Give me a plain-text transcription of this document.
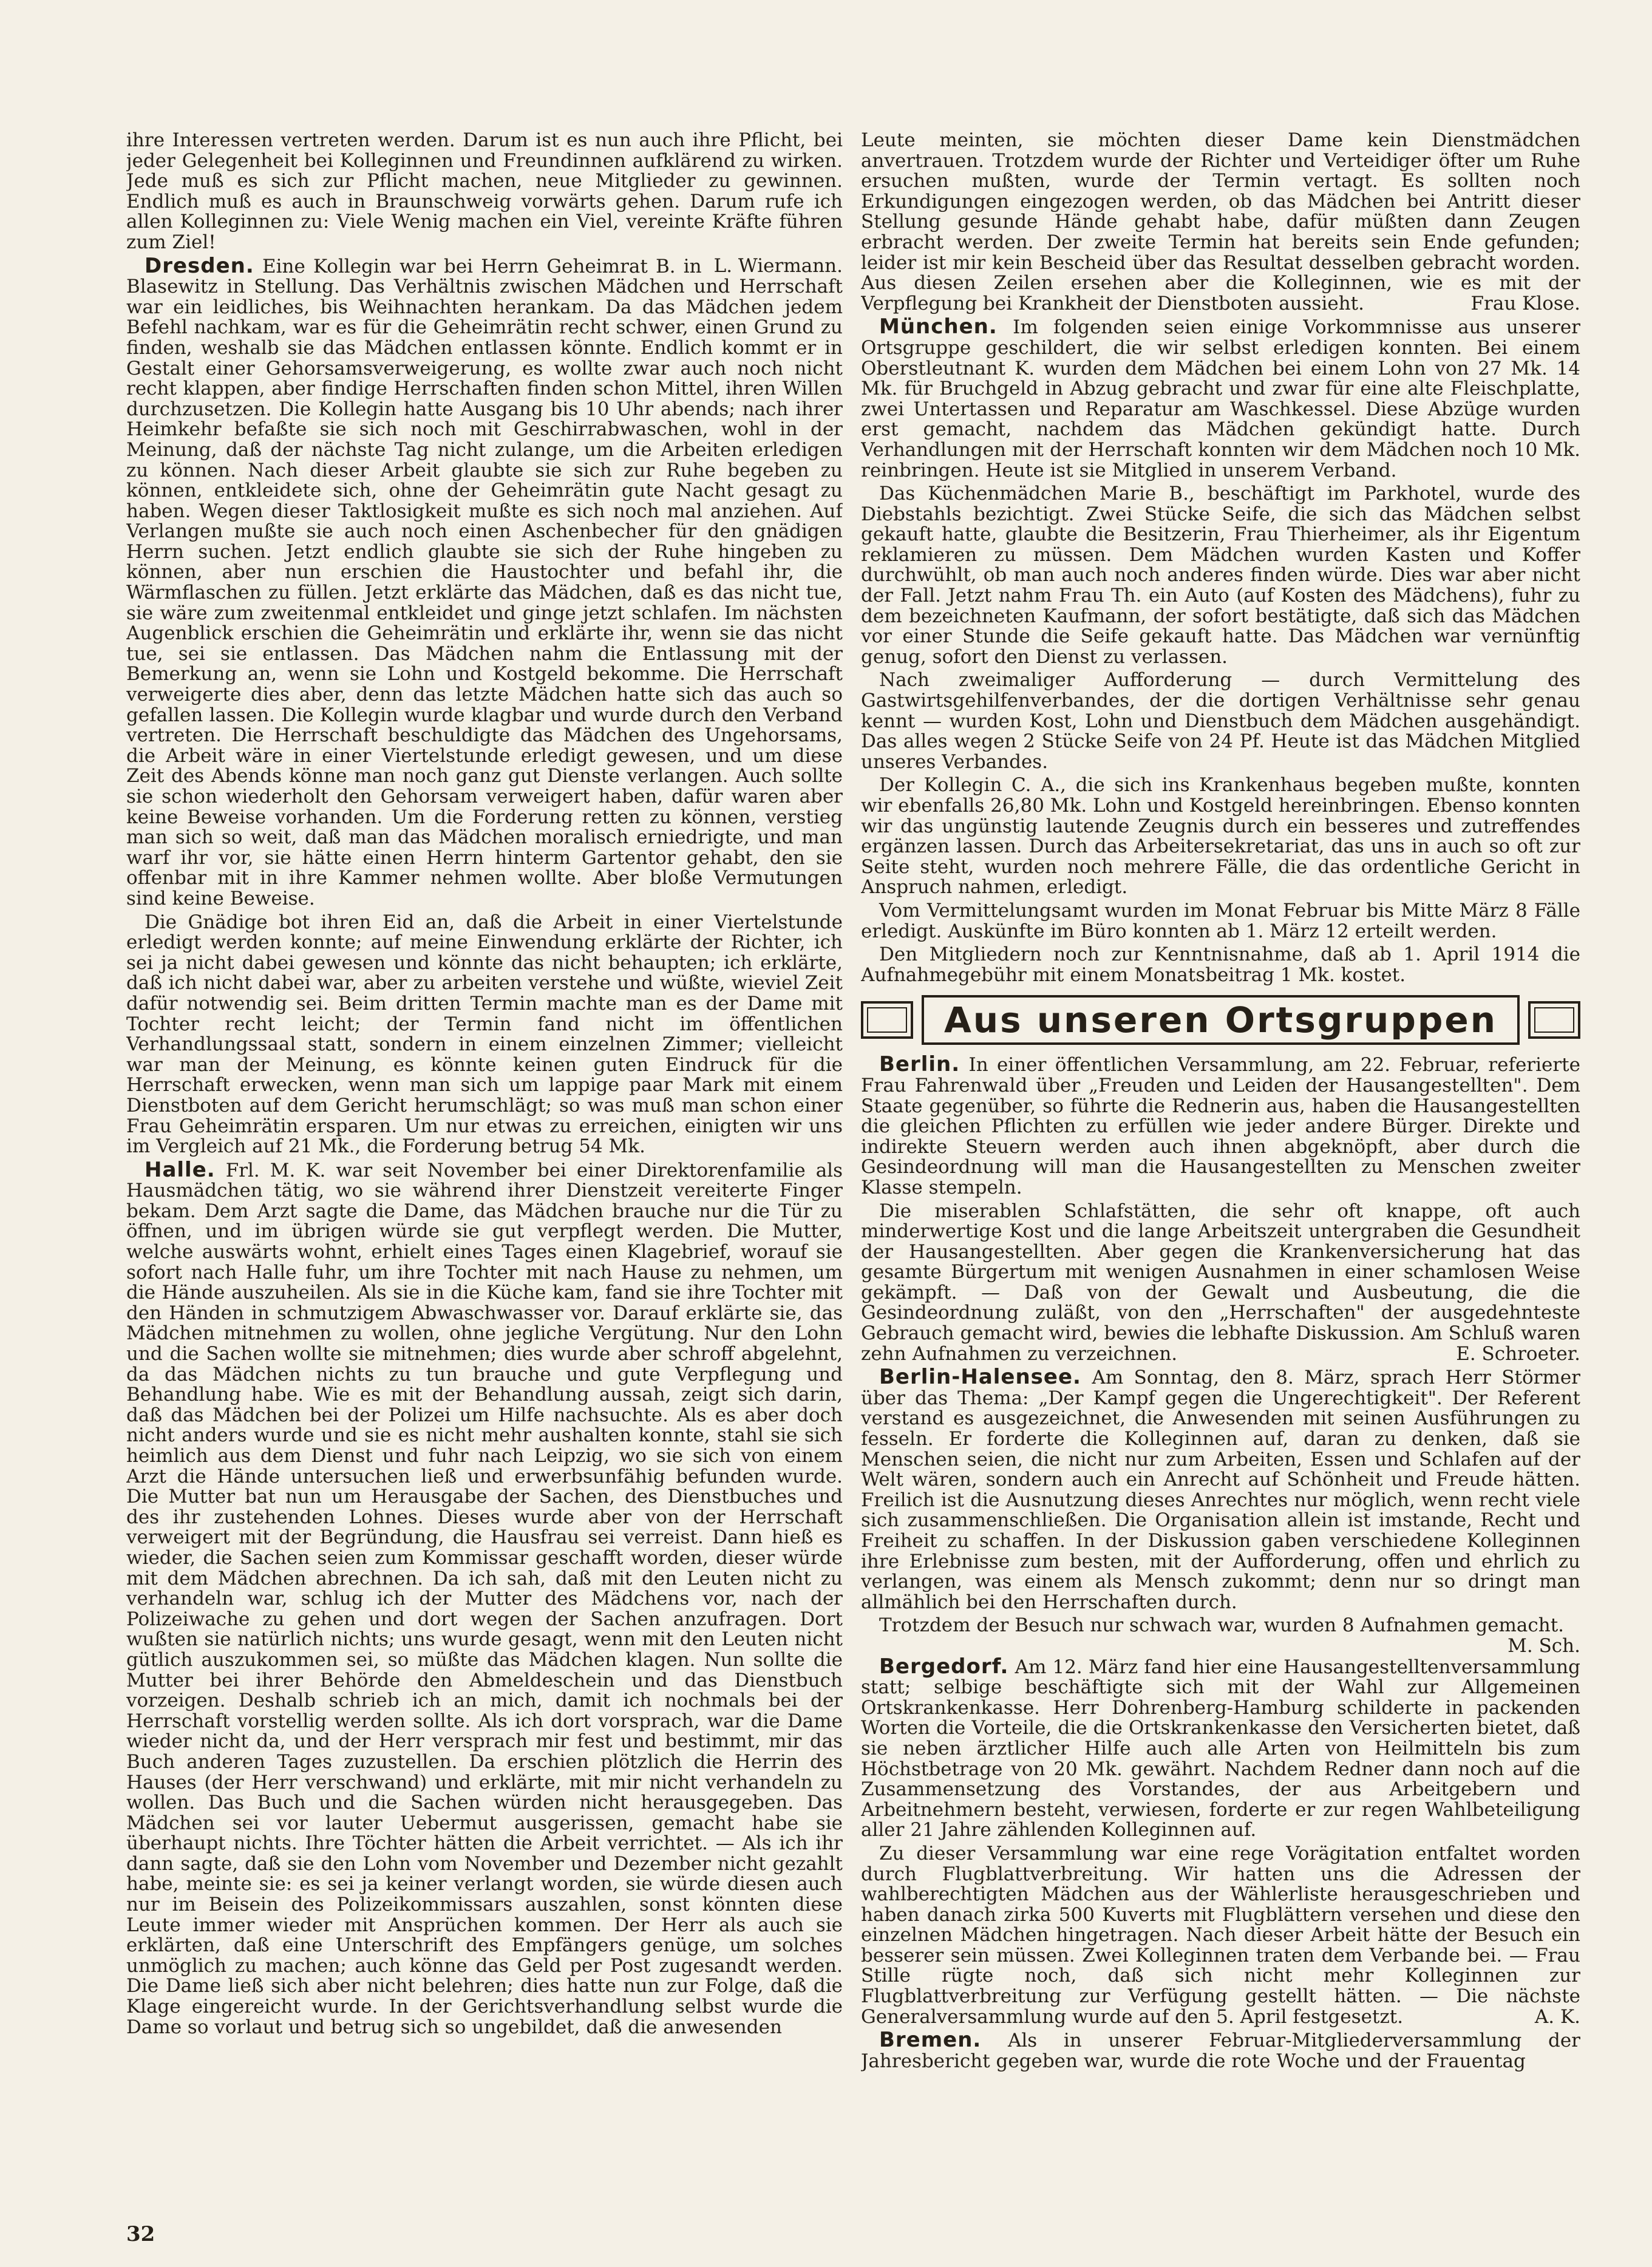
ihre Interessen vertreten werden. Darum ist es nun auch ihre Pflicht, bei jeder Gelegenheit bei Kolleginnen und Freundinnen aufklärend zu wirken. Jede muß es sich zur Pflicht machen, neue Mitglieder zu gewinnen. Endlich muß es auch in Braunschweig vorwärts gehen. Darum rufe ich allen Kolleginnen zu: Viele Wenig machen ein Viel, vereinte Kräfte führen zum Ziel!

L. Wiermann.

Dresden. Eine Kollegin war bei Herrn Geheimrat B. in Blasewitz in Stellung. Das Verhältnis zwischen Mädchen und Herrschaft war ein leidliches, bis Weihnachten herankam. Da das Mädchen jedem Befehl nachkam, war es für die Geheimrätin recht schwer, einen Grund zu finden, weshalb sie das Mädchen entlassen könnte. Endlich kommt er in Gestalt einer Gehorsamsverweigerung, es wollte zwar auch noch nicht recht klappen, aber findige Herrschaften finden schon Mittel, ihren Willen durchzusetzen. Die Kollegin hatte Ausgang bis 10 Uhr abends; nach ihrer Heimkehr befaßte sie sich noch mit Geschirrabwaschen, wohl in der Meinung, daß der nächste Tag nicht zulange, um die Arbeiten erledigen zu können. Nach dieser Arbeit glaubte sie sich zur Ruhe begeben zu können, entkleidete sich, ohne der Geheimrätin gute Nacht gesagt zu haben. Wegen dieser Taktlosigkeit mußte es sich noch mal anziehen. Auf Verlangen mußte sie auch noch einen Aschenbecher für den gnädigen Herrn suchen. Jetzt endlich glaubte sie sich der Ruhe hingeben zu können, aber nun erschien die Haustochter und befahl ihr, die Wärmflaschen zu füllen. Jetzt erklärte das Mädchen, daß es das nicht tue, sie wäre zum zweitenmal entkleidet und ginge jetzt schlafen. Im nächsten Augenblick erschien die Geheimrätin und erklärte ihr, wenn sie das nicht tue, sei sie entlassen. Das Mädchen nahm die Entlassung mit der Bemerkung an, wenn sie Lohn und Kostgeld bekomme. Die Herrschaft verweigerte dies aber, denn das letzte Mädchen hatte sich das auch so gefallen lassen. Die Kollegin wurde klagbar und wurde durch den Verband vertreten. Die Herrschaft beschuldigte das Mädchen des Ungehorsams, die Arbeit wäre in einer Viertelstunde erledigt gewesen, und um diese Zeit des Abends könne man noch ganz gut Dienste verlangen. Auch sollte sie schon wiederholt den Gehorsam verweigert haben, dafür waren aber keine Beweise vorhanden. Um die Forderung retten zu können, verstieg man sich so weit, daß man das Mädchen moralisch erniedrigte, und man warf ihr vor, sie hätte einen Herrn hinterm Gartentor gehabt, den sie offenbar mit in ihre Kammer nehmen wollte. Aber bloße Vermutungen sind keine Beweise.

Die Gnädige bot ihren Eid an, daß die Arbeit in einer Viertelstunde erledigt werden konnte; auf meine Einwendung erklärte der Richter, ich sei ja nicht dabei gewesen und könnte das nicht behaupten; ich erklärte, daß ich nicht dabei war, aber zu arbeiten verstehe und wüßte, wieviel Zeit dafür notwendig sei. Beim dritten Termin machte man es der Dame mit Tochter recht leicht; der Termin fand nicht im öffentlichen Verhandlungssaal statt, sondern in einem einzelnen Zimmer; vielleicht war man der Meinung, es könnte keinen guten Eindruck für die Herrschaft erwecken, wenn man sich um lappige paar Mark mit einem Dienstboten auf dem Gericht herumschlägt; so was muß man schon einer Frau Geheimrätin ersparen. Um nur etwas zu erreichen, einigten wir uns im Vergleich auf 21 Mk., die Forderung betrug 54 Mk.

Halle. Frl. M. K. war seit November bei einer Direktorenfamilie als Hausmädchen tätig, wo sie während ihrer Dienstzeit vereiterte Finger bekam. Dem Arzt sagte die Dame, das Mädchen brauche nur die Tür zu öffnen, und im übrigen würde sie gut verpflegt werden. Die Mutter, welche auswärts wohnt, erhielt eines Tages einen Klagebrief, worauf sie sofort nach Halle fuhr, um ihre Tochter mit nach Hause zu nehmen, um die Hände auszuheilen. Als sie in die Küche kam, fand sie ihre Tochter mit den Händen in schmutzigem Abwaschwasser vor. Darauf erklärte sie, das Mädchen mitnehmen zu wollen, ohne jegliche Vergütung. Nur den Lohn und die Sachen wollte sie mitnehmen; dies wurde aber schroff abgelehnt, da das Mädchen nichts zu tun brauche und gute Verpflegung und Behandlung habe. Wie es mit der Behandlung aussah, zeigt sich darin, daß das Mädchen bei der Polizei um Hilfe nachsuchte. Als es aber doch nicht anders wurde und sie es nicht mehr aushalten konnte, stahl sie sich heimlich aus dem Dienst und fuhr nach Leipzig, wo sie sich von einem Arzt die Hände untersuchen ließ und erwerbsunfähig befunden wurde. Die Mutter bat nun um Herausgabe der Sachen, des Dienstbuches und des ihr zustehenden Lohnes. Dieses wurde aber von der Herrschaft verweigert mit der Begründung, die Hausfrau sei verreist. Dann hieß es wieder, die Sachen seien zum Kommissar geschafft worden, dieser würde mit dem Mädchen abrechnen. Da ich sah, daß mit den Leuten nicht zu verhandeln war, schlug ich der Mutter des Mädchens vor, nach der Polizeiwache zu gehen und dort wegen der Sachen anzufragen. Dort wußten sie natürlich nichts; uns wurde gesagt, wenn mit den Leuten nicht gütlich auszukommen sei, so müßte das Mädchen klagen. Nun sollte die Mutter bei ihrer Behörde den Abmeldeschein und das Dienstbuch vorzeigen. Deshalb schrieb ich an mich, damit ich nochmals bei der Herrschaft vorstellig werden sollte. Als ich dort vorsprach, war die Dame wieder nicht da, und der Herr versprach mir fest und bestimmt, mir das Buch anderen Tages zuzustellen. Da erschien plötzlich die Herrin des Hauses (der Herr verschwand) und erklärte, mit mir nicht verhandeln zu wollen. Das Buch und die Sachen würden nicht herausgegeben. Das Mädchen sei vor lauter Uebermut ausgerissen, gemacht habe sie überhaupt nichts. Ihre Töchter hätten die Arbeit verrichtet. — Als ich ihr dann sagte, daß sie den Lohn vom November und Dezember nicht gezahlt habe, meinte sie: es sei ja keiner verlangt worden, sie würde diesen auch nur im Beisein des Polizeikommissars auszahlen, sonst könnten diese Leute immer wieder mit Ansprüchen kommen. Der Herr als auch sie erklärten, daß eine Unterschrift des Empfängers genüge, um solches unmöglich zu machen; auch könne das Geld per Post zugesandt werden. Die Dame ließ sich aber nicht belehren; dies hatte nun zur Folge, daß die Klage eingereicht wurde. In der Gerichtsverhandlung selbst wurde die Dame so vorlaut und betrug sich so ungebildet, daß die anwesenden

Leute meinten, sie möchten dieser Dame kein Dienstmädchen anvertrauen. Trotzdem wurde der Richter und Verteidiger öfter um Ruhe ersuchen mußten, wurde der Termin vertagt. Es sollten noch Erkundigungen eingezogen werden, ob das Mädchen bei Antritt dieser Stellung gesunde Hände gehabt habe, dafür müßten dann Zeugen erbracht werden. Der zweite Termin hat bereits sein Ende gefunden; leider ist mir kein Bescheid über das Resultat desselben gebracht worden. Aus diesen Zeilen ersehen aber die Kolleginnen, wie es mit der Verpflegung bei Krankheit der Dienstboten aussieht.	Frau Klose.

München. Im folgenden seien einige Vorkommnisse aus unserer Ortsgruppe geschildert, die wir selbst erledigen konnten. Bei einem Oberstleutnant K. wurden dem Mädchen bei einem Lohn von 27 Mk. 14 Mk. für Bruchgeld in Abzug gebracht und zwar für eine alte Fleischplatte, zwei Untertassen und Reparatur am Waschkessel. Diese Abzüge wurden erst gemacht, nachdem das Mädchen gekündigt hatte. Durch Verhandlungen mit der Herrschaft konnten wir dem Mädchen noch 10 Mk. reinbringen. Heute ist sie Mitglied in unserem Verband.

Das Küchenmädchen Marie B., beschäftigt im Parkhotel, wurde des Diebstahls bezichtigt. Zwei Stücke Seife, die sich das Mädchen selbst gekauft hatte, glaubte die Besitzerin, Frau Thierheimer, als ihr Eigentum reklamieren zu müssen. Dem Mädchen wurden Kasten und Koffer durchwühlt, ob man auch noch anderes finden würde. Dies war aber nicht der Fall. Jetzt nahm Frau Th. ein Auto (auf Kosten des Mädchens), fuhr zu dem bezeichneten Kaufmann, der sofort bestätigte, daß sich das Mädchen vor einer Stunde die Seife gekauft hatte. Das Mädchen war vernünftig genug, sofort den Dienst zu verlassen.

Nach zweimaliger Aufforderung — durch Vermittelung des Gastwirtsgehilfenverbandes, der die dortigen Verhältnisse sehr genau kennt — wurden Kost, Lohn und Dienstbuch dem Mädchen ausgehändigt. Das alles wegen 2 Stücke Seife von 24 Pf. Heute ist das Mädchen Mitglied unseres Verbandes.

Der Kollegin C. A., die sich ins Krankenhaus begeben mußte, konnten wir ebenfalls 26,80 Mk. Lohn und Kostgeld hereinbringen. Ebenso konnten wir das ungünstig lautende Zeugnis durch ein besseres und zutreffendes ergänzen lassen. Durch das Arbeitersekretariat, das uns in auch so oft zur Seite steht, wurden noch mehrere Fälle, die das ordentliche Gericht in Anspruch nahmen, erledigt.

Vom Vermittelungsamt wurden im Monat Februar bis Mitte März 8 Fälle erledigt. Auskünfte im Büro konnten ab 1. März 12 erteilt werden.

Den Mitgliedern noch zur Kenntnisnahme, daß ab 1. April 1914 die Aufnahmegebühr mit einem Monatsbeitrag 1 Mk. kostet.

Aus unseren Ortsgruppen

Berlin. In einer öffentlichen Versammlung, am 22. Februar, referierte Frau Fahrenwald über „Freuden und Leiden der Hausangestellten". Dem Staate gegenüber, so führte die Rednerin aus, haben die Hausangestellten die gleichen Pflichten zu erfüllen wie jeder andere Bürger. Direkte und indirekte Steuern werden auch ihnen abgeknöpft, aber durch die Gesindeordnung will man die Hausangestellten zu Menschen zweiter Klasse stempeln.

Die miserablen Schlafstätten, die sehr oft knappe, oft auch minderwertige Kost und die lange Arbeitszeit untergraben die Gesundheit der Hausangestellten. Aber gegen die Krankenversicherung hat das gesamte Bürgertum mit wenigen Ausnahmen in einer schamlosen Weise gekämpft. — Daß von der Gewalt und Ausbeutung, die die Gesindeordnung zuläßt, von den „Herrschaften" der ausgedehnteste Gebrauch gemacht wird, bewies die lebhafte Diskussion. Am Schluß waren zehn Aufnahmen zu verzeichnen.	E. Schroeter.

Berlin-Halensee. Am Sonntag, den 8. März, sprach Herr Störmer über das Thema: „Der Kampf gegen die Ungerechtigkeit". Der Referent verstand es ausgezeichnet, die Anwesenden mit seinen Ausführungen zu fesseln. Er forderte die Kolleginnen auf, daran zu denken, daß sie Menschen seien, die nicht nur zum Arbeiten, Essen und Schlafen auf der Welt wären, sondern auch ein Anrecht auf Schönheit und Freude hätten. Freilich ist die Ausnutzung dieses Anrechtes nur möglich, wenn recht viele sich zusammenschließen. Die Organisation allein ist imstande, Recht und Freiheit zu schaffen. In der Diskussion gaben verschiedene Kolleginnen ihre Erlebnisse zum besten, mit der Aufforderung, offen und ehrlich zu verlangen, was einem als Mensch zukommt; denn nur so dringt man allmählich bei den Herrschaften durch.

Trotzdem der Besuch nur schwach war, wurden 8 Aufnahmen gemacht.
M. Sch.

Bergedorf. Am 12. März fand hier eine Hausangestelltenversammlung statt; selbige beschäftigte sich mit der Wahl zur Allgemeinen Ortskrankenkasse. Herr Dohrenberg-Hamburg schilderte in packenden Worten die Vorteile, die die Ortskrankenkasse den Versicherten bietet, daß sie neben ärztlicher Hilfe auch alle Arten von Heilmitteln bis zum Höchstbetrage von 20 Mk. gewährt. Nachdem Redner dann noch auf die Zusammensetzung des Vorstandes, der aus Arbeitgebern und Arbeitnehmern besteht, verwiesen, forderte er zur regen Wahlbeteiligung aller 21 Jahre zählenden Kolleginnen auf.

Zu dieser Versammlung war eine rege Vorägitation entfaltet worden durch Flugblattverbreitung. Wir hatten uns die Adressen der wahlberechtigten Mädchen aus der Wählerliste herausgeschrieben und haben danach zirka 500 Kuverts mit Flugblättern versehen und diese den einzelnen Mädchen hingetragen. Nach dieser Arbeit hätte der Besuch ein besserer sein müssen. Zwei Kolleginnen traten dem Verbande bei. — Frau Stille rügte noch, daß sich nicht mehr Kolleginnen zur Flugblattverbreitung zur Verfügung gestellt hätten. — Die nächste Generalversammlung wurde auf den 5. April festgesetzt.	A. K.

Bremen. Als in unserer Februar-Mitgliederversammlung der Jahresbericht gegeben war, wurde die rote Woche und der Frauentag

32
